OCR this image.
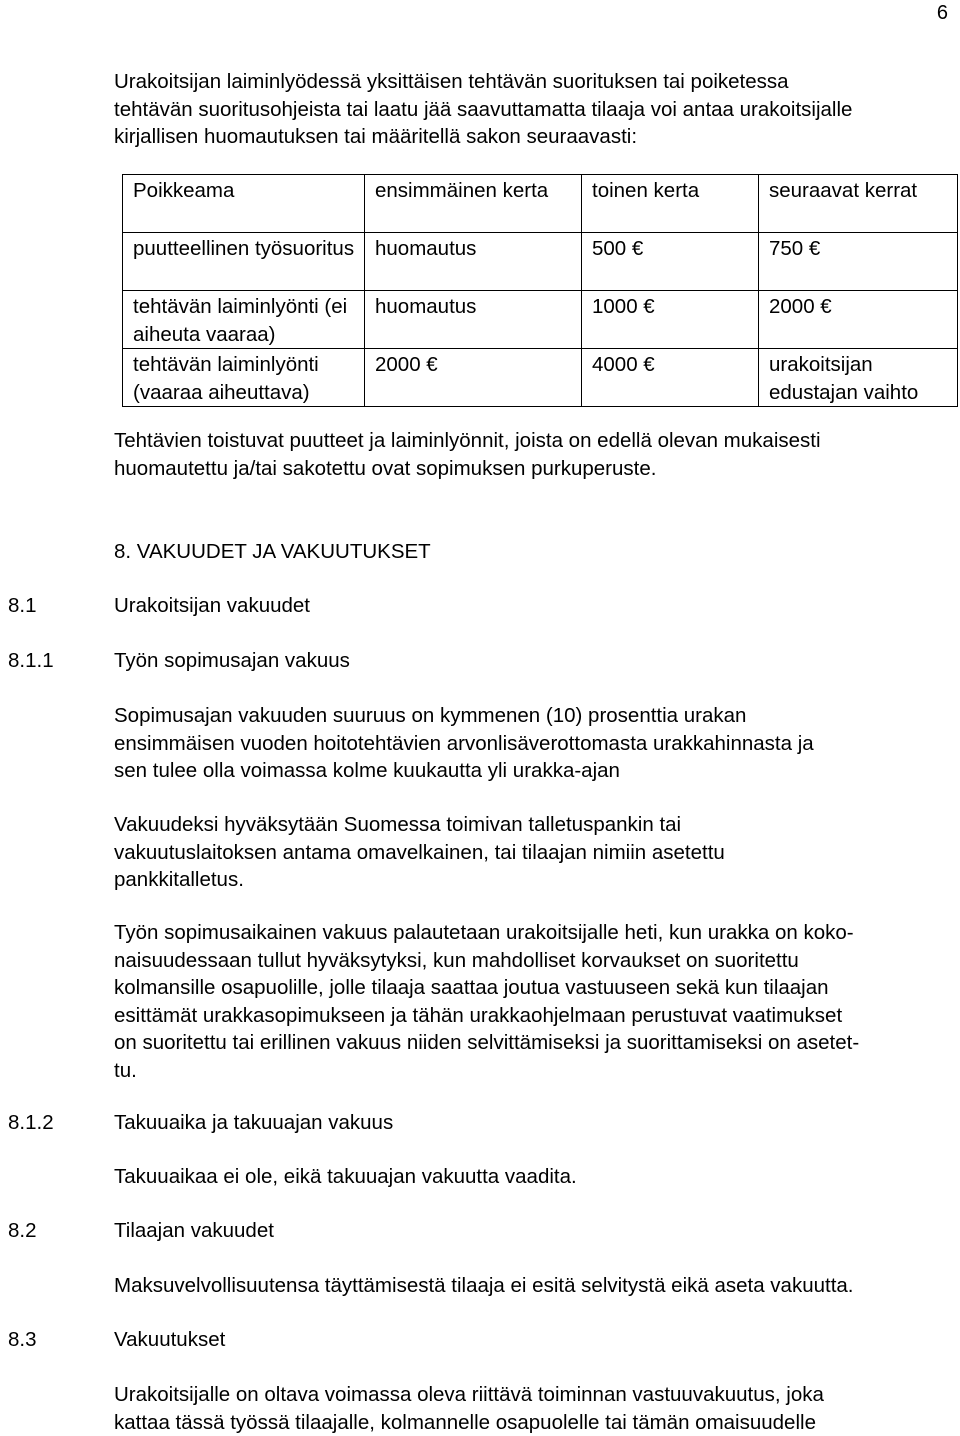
6

Urakoitsijan laiminlyödessä yksittäisen tehtävän suorituksen tai poiketessa

tehtävän suoritusohjeista tai laatu jää saavuttamatta tilaaja voi antaa urakoitsijalle

kirjallisen huomautuksen tai määritellä sakon seuraavasti:

Poikkeama	ensimmäinen kerta	toinen kerta	seuraavat kerrat
puutteellinen työsuoritus	huomautus	500 €	750 €
tehtävän laiminlyönti (ei aiheuta vaaraa)	huomautus	1000 €	2000 €
tehtävän laiminlyönti (vaaraa aiheuttava)	2000 €	4000 €	urakoitsijan edustajan vaihto

Tehtävien toistuvat puutteet ja laiminlyönnit, joista on edellä olevan mukaisesti

huomautettu ja/tai sakotettu ovat sopimuksen purkuperuste.

8. VAKUUDET JA VAKUUTUKSET
8.1	Urakoitsijan vakuudet
8.1.1	Työn sopimusajan vakuus

Sopimusajan vakuuden suuruus on kymmenen (10) prosenttia urakan

ensimmäisen vuoden hoitotehtävien arvonlisäverottomasta urakkahinnasta ja

sen tulee olla voimassa kolme kuukautta yli urakka-ajan

Vakuudeksi hyväksytään Suomessa toimivan talletuspankin tai

vakuutuslaitoksen antama omavelkainen, tai tilaajan nimiin asetettu

pankkitalletus.

Työn sopimusaikainen vakuus palautetaan urakoitsijalle heti, kun urakka on koko-

naisuudessaan tullut hyväksytyksi, kun mahdolliset korvaukset on suoritettu

kolmansille osapuolille, jolle tilaaja saattaa joutua vastuuseen sekä kun tilaajan

esittämät urakkasopimukseen ja tähän urakkaohjelmaan perustuvat vaatimukset

on suoritettu tai erillinen vakuus niiden selvittämiseksi ja suorittamiseksi on asetet-

tu.

8.1.2	Takuuaika ja takuuajan vakuus

Takuuaikaa ei ole, eikä takuuajan vakuutta vaadita.

8.2	Tilaajan vakuudet

Maksuvelvollisuutensa täyttämisestä tilaaja ei esitä selvitystä eikä aseta vakuutta.

8.3	Vakuutukset

Urakoitsijalle on oltava voimassa oleva riittävä toiminnan vastuuvakuutus, joka

kattaa tässä työssä tilaajalle, kolmannelle osapuolelle tai tämän omaisuudelle
